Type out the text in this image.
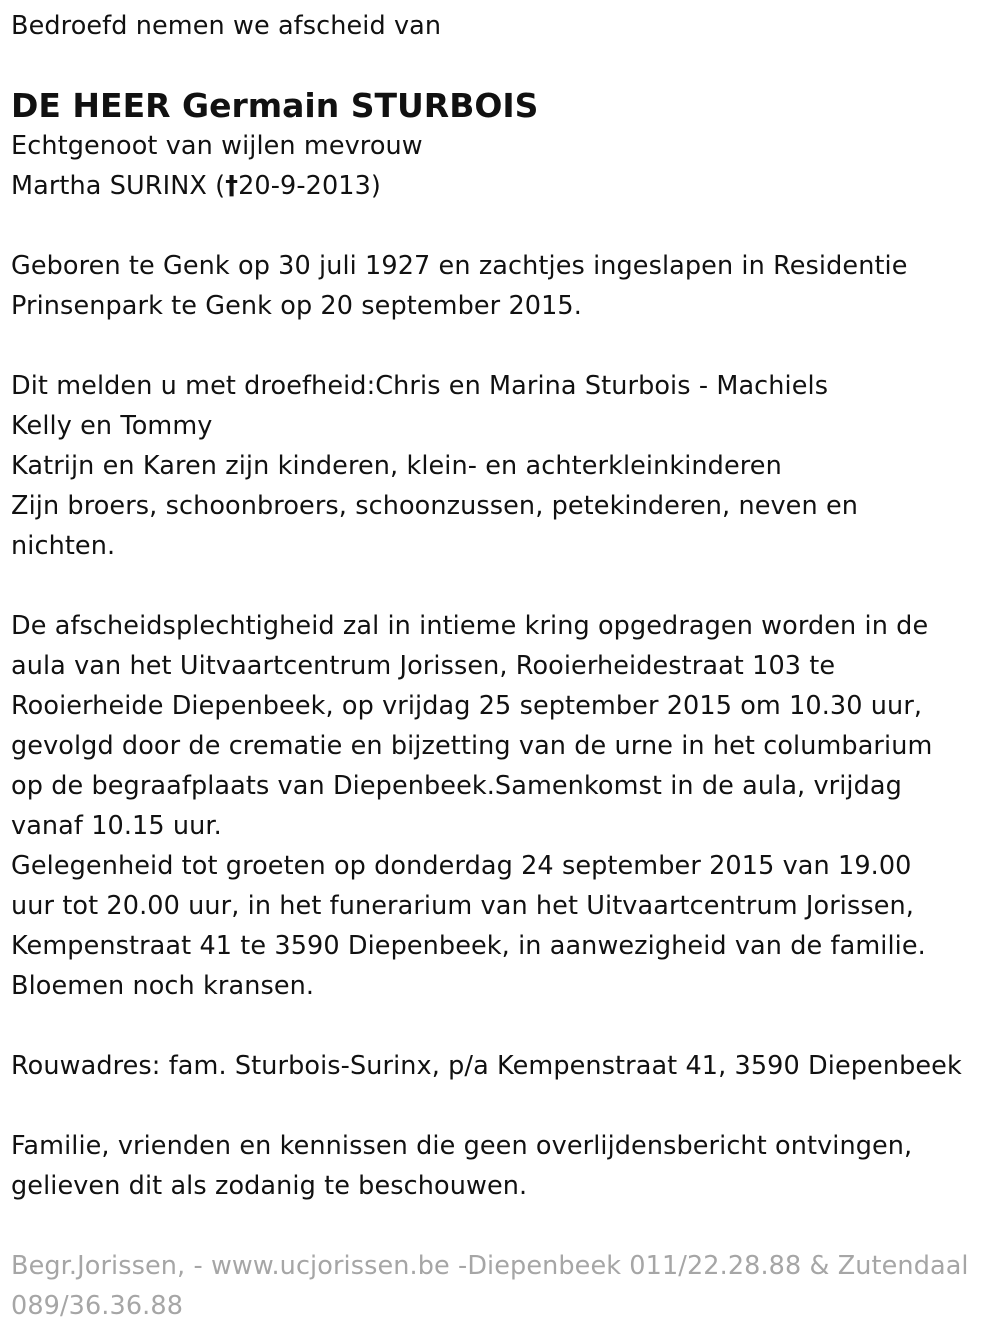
Bedroefd nemen we afscheid van
DE HEER Germain STURBOIS
Echtgenoot van wijlen mevrouw
Martha SURINX (†20-9-2013)
Geboren te Genk op 30 juli 1927 en zachtjes ingeslapen in Residentie
Prinsenpark te Genk op 20 september 2015.
Dit melden u met droefheid:Chris en Marina Sturbois - Machiels
Kelly en Tommy
Katrijn en Karen zijn kinderen, klein- en achterkleinkinderen
Zijn broers, schoonbroers, schoonzussen, petekinderen, neven en
nichten.
De afscheidsplechtigheid zal in intieme kring opgedragen worden in de
aula van het Uitvaartcentrum Jorissen, Rooierheidestraat 103 te
Rooierheide Diepenbeek, op vrijdag 25 september 2015 om 10.30 uur,
gevolgd door de crematie en bijzetting van de urne in het columbarium
op de begraafplaats van Diepenbeek.Samenkomst in de aula, vrijdag
vanaf 10.15 uur.
Gelegenheid tot groeten op donderdag 24 september 2015 van 19.00
uur tot 20.00 uur, in het funerarium van het Uitvaartcentrum Jorissen,
Kempenstraat 41 te 3590 Diepenbeek, in aanwezigheid van de familie.
Bloemen noch kransen.
Rouwadres: fam. Sturbois-Surinx, p/a Kempenstraat 41, 3590 Diepenbeek
Familie, vrienden en kennissen die geen overlijdensbericht ontvingen,
gelieven dit als zodanig te beschouwen.
Begr.Jorissen, - www.ucjorissen.be -Diepenbeek 011/22.28.88 & Zutendaal
089/36.36.88
